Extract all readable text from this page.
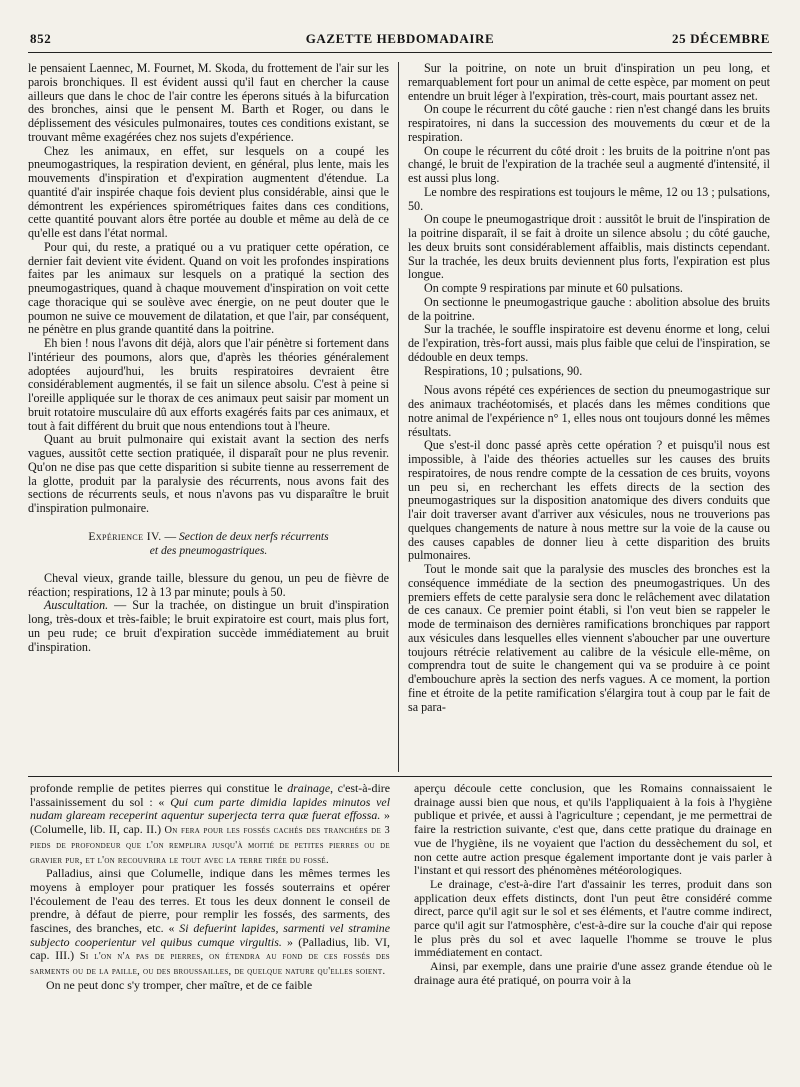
852	GAZETTE HEBDOMADAIRE	25 DÉCEMBRE

le pensaient Laennec, M. Fournet, M. Skoda, du frottement de l'air sur les parois bronchiques. Il est évident aussi qu'il faut en chercher la cause ailleurs que dans le choc de l'air contre les éperons situés à la bifurcation des bronches, ainsi que le pensent M. Barth et Roger, ou dans le déplissement des vésicules pulmonaires, toutes ces conditions existant, se trouvant même exagérées chez nos sujets d'expérience.

Chez les animaux, en effet, sur lesquels on a coupé les pneumogastriques, la respiration devient, en général, plus lente, mais les mouvements d'inspiration et d'expiration augmentent d'étendue. La quantité d'air inspirée chaque fois devient plus considérable, ainsi que le démontrent les expériences spirométriques faites dans ces conditions, cette quantité pouvant alors être portée au double et même au delà de ce qu'elle est dans l'état normal.

Pour qui, du reste, a pratiqué ou a vu pratiquer cette opération, ce dernier fait devient vite évident. Quand on voit les profondes inspirations faites par les animaux sur lesquels on a pratiqué la section des pneumogastriques, quand à chaque mouvement d'inspiration on voit cette cage thoracique qui se soulève avec énergie, on ne peut douter que le poumon ne suive ce mouvement de dilatation, et que l'air, par conséquent, ne pénètre en plus grande quantité dans la poitrine.

Eh bien ! nous l'avons dit déjà, alors que l'air pénètre si fortement dans l'intérieur des poumons, alors que, d'après les théories généralement adoptées aujourd'hui, les bruits respiratoires devraient être considérablement augmentés, il se fait un silence absolu. C'est à peine si l'oreille appliquée sur le thorax de ces animaux peut saisir par moment un bruit rotatoire musculaire dû aux efforts exagérés faits par ces animaux, et tout à fait différent du bruit que nous entendions tout à l'heure.

Quant au bruit pulmonaire qui existait avant la section des nerfs vagues, aussitôt cette section pratiquée, il disparaît pour ne plus revenir. Qu'on ne dise pas que cette disparition si subite tienne au resserrement de la glotte, produit par la paralysie des récurrents, nous avons fait des sections de récurrents seuls, et nous n'avons pas vu disparaître le bruit d'inspiration pulmonaire.

Expérience IV. — Section de deux nerfs récurrents
et des pneumogastriques.

Cheval vieux, grande taille, blessure du genou, un peu de fièvre de réaction; respirations, 12 à 13 par minute; pouls à 50.

Auscultation. — Sur la trachée, on distingue un bruit d'inspiration long, très-doux et très-faible; le bruit expiratoire est court, mais plus fort, un peu rude; ce bruit d'expiration succède immédiatement au bruit d'inspiration.

Sur la poitrine, on note un bruit d'inspiration un peu long, et remarquablement fort pour un animal de cette espèce, par moment on peut entendre un bruit léger à l'expiration, très-court, mais pourtant assez net.

On coupe le récurrent du côté gauche : rien n'est changé dans les bruits respiratoires, ni dans la succession des mouvements du cœur et de la respiration.

On coupe le récurrent du côté droit : les bruits de la poitrine n'ont pas changé, le bruit de l'expiration de la trachée seul a augmenté d'intensité, il est aussi plus long.

Le nombre des respirations est toujours le même, 12 ou 13 ; pulsations, 50.

On coupe le pneumogastrique droit : aussitôt le bruit de l'inspiration de la poitrine disparaît, il se fait à droite un silence absolu ; du côté gauche, les deux bruits sont considérablement affaiblis, mais distincts cependant. Sur la trachée, les deux bruits deviennent plus forts, l'expiration est plus longue.

On compte 9 respirations par minute et 60 pulsations.

On sectionne le pneumogastrique gauche : abolition absolue des bruits de la poitrine.

Sur la trachée, le souffle inspiratoire est devenu énorme et long, celui de l'expiration, très-fort aussi, mais plus faible que celui de l'inspiration, se dédouble en deux temps.

Respirations, 10 ; pulsations, 90.

Nous avons répété ces expériences de section du pneumogastrique sur des animaux trachéotomisés, et placés dans les mêmes conditions que notre animal de l'expérience n° 1, elles nous ont toujours donné les mêmes résultats.

Que s'est-il donc passé après cette opération ? et puisqu'il nous est impossible, à l'aide des théories actuelles sur les causes des bruits respiratoires, de nous rendre compte de la cessation de ces bruits, voyons un peu si, en recherchant les effets directs de la section des pneumogastriques sur la disposition anatomique des divers conduits que l'air doit traverser avant d'arriver aux vésicules, nous ne trouverions pas quelques changements de nature à nous mettre sur la voie de la cause ou des causes capables de donner lieu à cette disparition des bruits pulmonaires.

Tout le monde sait que la paralysie des muscles des bronches est la conséquence immédiate de la section des pneumogastriques. Un des premiers effets de cette paralysie sera donc le relâchement avec dilatation de ces canaux. Ce premier point établi, si l'on veut bien se rappeler le mode de terminaison des dernières ramifications bronchiques par rapport aux vésicules dans lesquelles elles viennent s'aboucher par une ouverture toujours rétrécie relativement au calibre de la vésicule elle-même, on comprendra tout de suite le changement qui va se produire à ce point d'embouchure après la section des nerfs vagues. A ce moment, la portion fine et étroite de la petite ramification s'élargira tout à coup par le fait de sa para-

profonde remplie de petites pierres qui constitue le drainage, c'est-à-dire l'assainissement du sol : « Qui cum parte dimidia lapides minutos vel nudam glaream receperint aquentur superjecta terra quæ fuerat effossa. » (Columelle, lib. II, cap. II.) On fera pour les fossés cachés des tranchées de 3 pieds de profondeur que l'on remplira jusqu'à moitié de petites pierres ou de gravier pur, et l'on recouvrira le tout avec la terre tirée du fossé.

Palladius, ainsi que Columelle, indique dans les mêmes termes les moyens à employer pour pratiquer les fossés souterrains et opérer l'écoulement de l'eau des terres. Et tous les deux donnent le conseil de prendre, à défaut de pierre, pour remplir les fossés, des sarments, des fascines, des branches, etc. « Si defuerint lapides, sarmenti vel stramine subjecto cooperientur vel quibus cumque virgultis. » (Palladius, lib. VI, cap. III.) Si l'on n'a pas de pierres, on étendra au fond de ces fossés des sarments ou de la paille, ou des broussailles, de quelque nature qu'elles soient.

On ne peut donc s'y tromper, cher maître, et de ce faible

aperçu découle cette conclusion, que les Romains connaissaient le drainage aussi bien que nous, et qu'ils l'appliquaient à la fois à l'hygiène publique et privée, et aussi à l'agriculture ; cependant, je me permettrai de faire la restriction suivante, c'est que, dans cette pratique du drainage en vue de l'hygiène, ils ne voyaient que l'action du dessèchement du sol, et non cette autre action presque également importante dont je vais parler à l'instant et qui ressort des phénomènes météorologiques.

Le drainage, c'est-à-dire l'art d'assainir les terres, produit dans son application deux effets distincts, dont l'un peut être considéré comme direct, parce qu'il agit sur le sol et ses éléments, et l'autre comme indirect, parce qu'il agit sur l'atmosphère, c'est-à-dire sur la couche d'air qui repose le plus près du sol et avec laquelle l'homme se trouve le plus immédiatement en contact.

Ainsi, par exemple, dans une prairie d'une assez grande étendue où le drainage aura été pratiqué, on pourra voir à la
